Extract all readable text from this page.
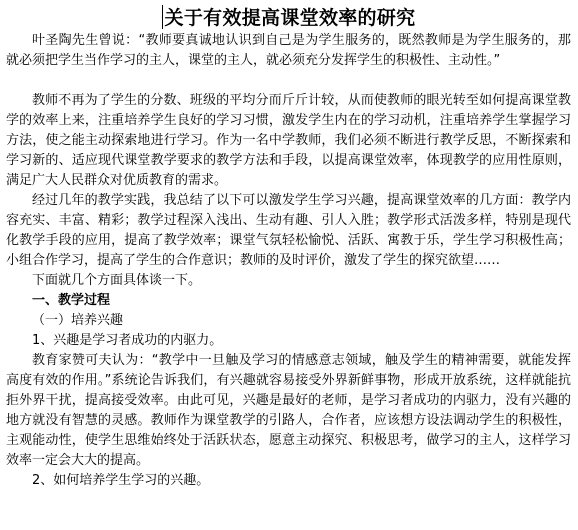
关于有效提高课堂效率的研究

叶圣陶先生曾说：“教师要真诚地认识到自己是为学生服务的，既然教师是为学生服务的，那就必须把学生当作学习的主人，课堂的主人，就必须充分发挥学生的积极性、主动性。”

教师不再为了学生的分数、班级的平均分而斤斤计较，从而使教师的眼光转至如何提高课堂教学的效率上来，注重培养学生良好的学习习惯，激发学生内在的学习动机，注重培养学生掌握学习方法，使之能主动探索地进行学习。作为一名中学教师，我们必须不断进行教学反思，不断探索和学习新的、适应现代课堂教学要求的教学方法和手段，以提高课堂效率，体现教学的应用性原则，满足广大人民群众对优质教育的需求。

经过几年的教学实践，我总结了以下可以激发学生学习兴趣，提高课堂效率的几方面：教学内容充实、丰富、精彩；教学过程深入浅出、生动有趣、引人入胜；教学形式活泼多样，特别是现代化教学手段的应用，提高了教学效率；课堂气氛轻松愉悦、活跃、寓教于乐，学生学习积极性高；小组合作学习，提高了学生的合作意识；教师的及时评价，激发了学生的探究欲望……

下面就几个方面具体谈一下。

一、教学过程

（一）培养兴趣

1、兴趣是学习者成功的内驱力。

教育家赞可夫认为：“教学中一旦触及学习的情感意志领域，触及学生的精神需要，就能发挥高度有效的作用。”系统论告诉我们，有兴趣就容易接受外界新鲜事物，形成开放系统，这样就能抗拒外界干扰，提高接受效率。由此可见，兴趣是最好的老师，是学习者成功的内驱力，没有兴趣的地方就没有智慧的灵感。教师作为课堂教学的引路人，合作者，应该想方设法调动学生的积极性，主观能动性，使学生思维始终处于活跃状态，愿意主动探究、积极思考，做学习的主人，这样学习效率一定会大大的提高。

2、如何培养学生学习的兴趣。
